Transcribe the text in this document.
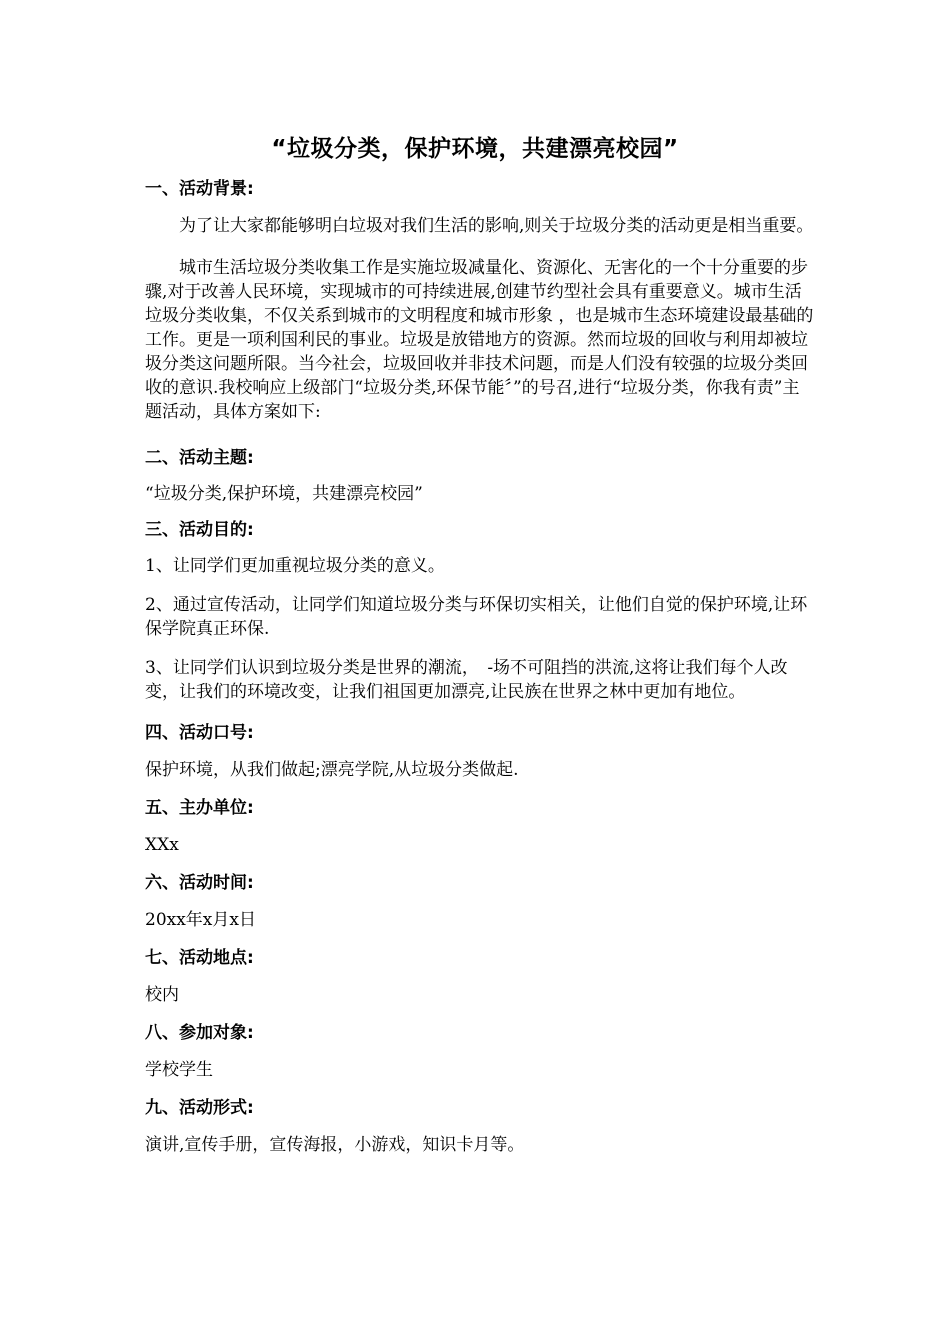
“垃圾分类，保护环境，共建漂亮校园”
一、活动背景:
为了让大家都能够明白垃圾对我们生活的影响,则关于垃圾分类的活动更是相当重要。
城市生活垃圾分类收集工作是实施垃圾减量化、资源化、无害化的一个十分重要的步骤,对于改善人民环境，实现城市的可持续进展,创建节约型社会具有重要意义。城市生活垃圾分类收集，不仅关系到城市的文明程度和城市形象 ，也是城市生态环境建设最基础的工作。更是一项利国利民的事业。垃圾是放错地方的资源。然而垃圾的回收与利用却被垃圾分类这问题所限。当今社会，垃圾回收并非技术问题，而是人们没有较强的垃圾分类回收的意识.我校响应上级部门“垃圾分类,环保节能〞”的号召,进行“垃圾分类，你我有责”主题活动，具体方案如下:
二、活动主题:
“垃圾分类,保护环境，共建漂亮校园”
三、活动目的:
1、让同学们更加重视垃圾分类的意义。
2、通过宣传活动，让同学们知道垃圾分类与环保切实相关，让他们自觉的保护环境,让环保学院真正环保.
3、让同学们认识到垃圾分类是世界的潮流，　-场不可阻挡的洪流,这将让我们每个人改变，让我们的环境改变，让我们祖国更加漂亮,让民族在世界之林中更加有地位。
四、活动口号:
保护环境，从我们做起;漂亮学院,从垃圾分类做起.
五、主办单位:
XXx
六、活动时间:
20xx年x月x日
七、活动地点:
校内
八、参加对象:
学校学生
九、活动形式:
演讲,宣传手册，宣传海报，小游戏，知识卡月等。
